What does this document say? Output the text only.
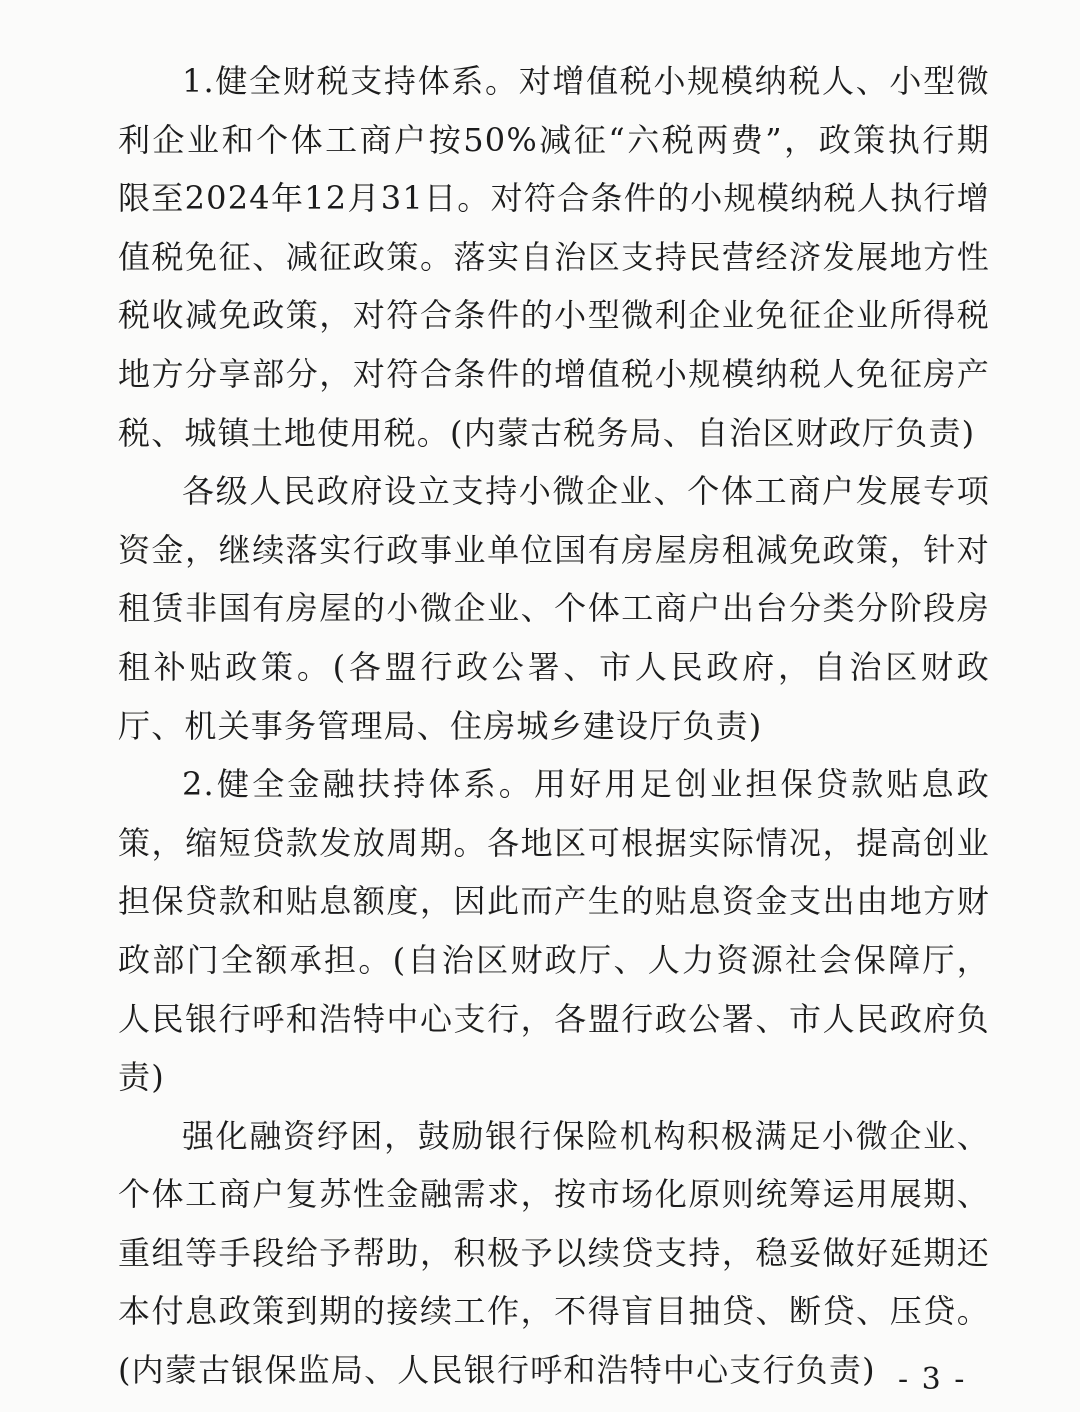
1.健全财税支持体系。对增值税小规模纳税人、小型微利企业和个体工商户按50%减征“六税两费”，政策执行期限至2024年12月31日。对符合条件的小规模纳税人执行增值税免征、减征政策。落实自治区支持民营经济发展地方性税收减免政策，对符合条件的小型微利企业免征企业所得税地方分享部分，对符合条件的增值税小规模纳税人免征房产税、城镇土地使用税。(内蒙古税务局、自治区财政厅负责)

各级人民政府设立支持小微企业、个体工商户发展专项资金，继续落实行政事业单位国有房屋房租减免政策，针对租赁非国有房屋的小微企业、个体工商户出台分类分阶段房租补贴政策。(各盟行政公署、市人民政府，自治区财政厅、机关事务管理局、住房城乡建设厅负责)

2.健全金融扶持体系。用好用足创业担保贷款贴息政策，缩短贷款发放周期。各地区可根据实际情况，提高创业担保贷款和贴息额度，因此而产生的贴息资金支出由地方财政部门全额承担。(自治区财政厅、人力资源社会保障厅，人民银行呼和浩特中心支行，各盟行政公署、市人民政府负责)

强化融资纾困，鼓励银行保险机构积极满足小微企业、个体工商户复苏性金融需求，按市场化原则统筹运用展期、重组等手段给予帮助，积极予以续贷支持，稳妥做好延期还本付息政策到期的接续工作，不得盲目抽贷、断贷、压贷。(内蒙古银保监局、人民银行呼和浩特中心支行负责) - 3 -
